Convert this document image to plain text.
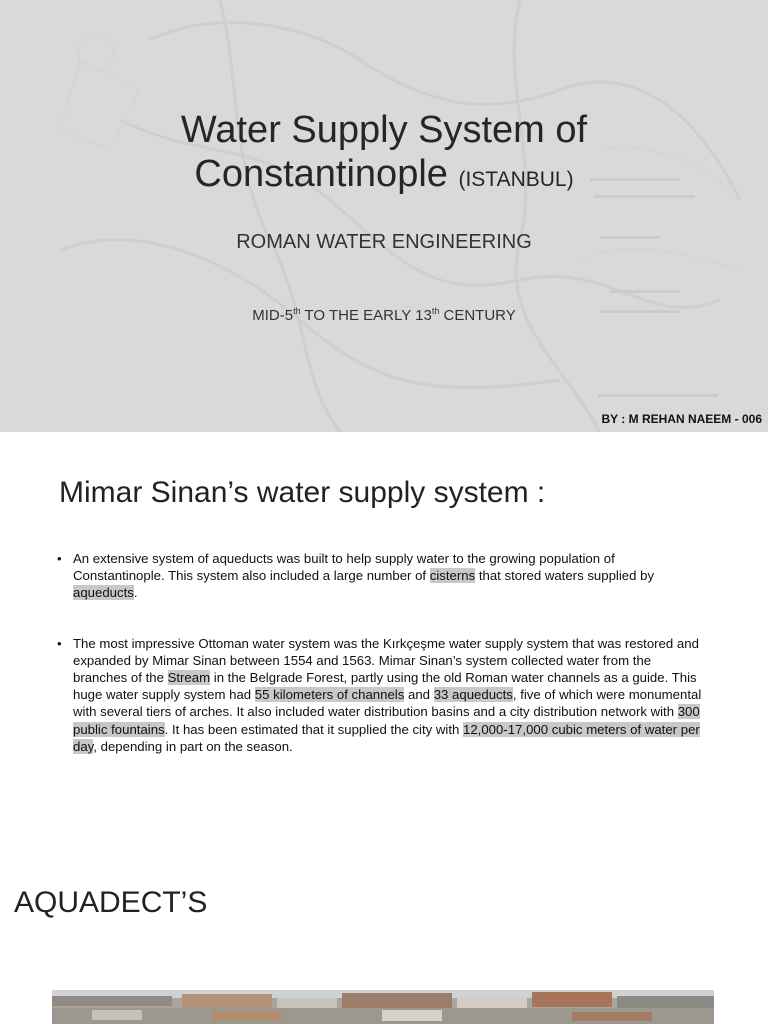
Water Supply System of
Constantinople (ISTANBUL)
ROMAN WATER ENGINEERING
MID-5th TO THE EARLY 13th CENTURY
BY : M REHAN NAEEM - 006
Mimar Sinan’s water supply system :
• An extensive system of aqueducts was built to help supply water to the growing population of Constantinople. This system also included a large number of cisterns that stored waters supplied by aqueducts.
• The most impressive Ottoman water system was the Kırkçeşme water supply system that was restored and expanded by Mimar Sinan between 1554 and 1563. Mimar Sinan’s system collected water from the branches of the Stream in the Belgrade Forest, partly using the old Roman water channels as a guide. This huge water supply system had 55 kilometers of channels and 33 aqueducts, five of which were monumental with several tiers of arches. It also included water distribution basins and a city distribution network with 300 public fountains. It has been estimated that it supplied the city with 12,000-17,000 cubic meters of water per day, depending in part on the season.
AQUADECT’S
